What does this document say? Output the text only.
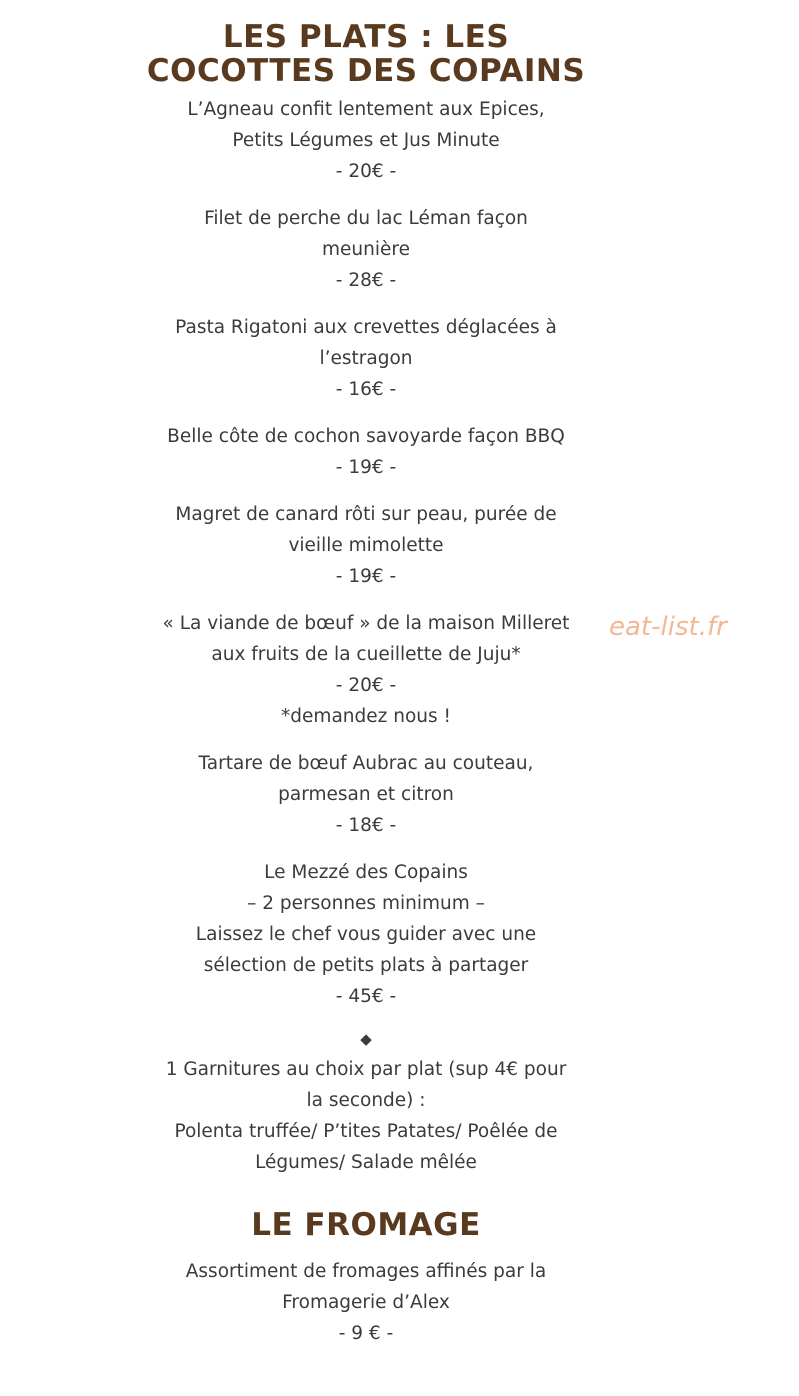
LES PLATS : LES
COCOTTES DES COPAINS
L’Agneau confit lentement aux Epices,
Petits Légumes et Jus Minute
- 20€ -
Filet de perche du lac Léman façon
meunière
- 28€ -
Pasta Rigatoni aux crevettes déglacées à
l’estragon
- 16€ -
Belle côte de cochon savoyarde façon BBQ
- 19€ -
Magret de canard rôti sur peau, purée de
vieille mimolette
- 19€ -
« La viande de bœuf » de la maison Milleret
aux fruits de la cueillette de Juju*
- 20€ -
*demandez nous !
Tartare de bœuf Aubrac au couteau,
parmesan et citron
- 18€ -
Le Mezzé des Copains
– 2 personnes minimum –
Laissez le chef vous guider avec une
sélection de petits plats à partager
- 45€ -
◆
1 Garnitures au choix par plat (sup 4€ pour
la seconde) :
Polenta truffée/ P’tites Patates/ Poêlée de
Légumes/ Salade mêlée
LE FROMAGE
Assortiment de fromages affinés par la
Fromagerie d’Alex
- 9 € -
eat-list.fr
